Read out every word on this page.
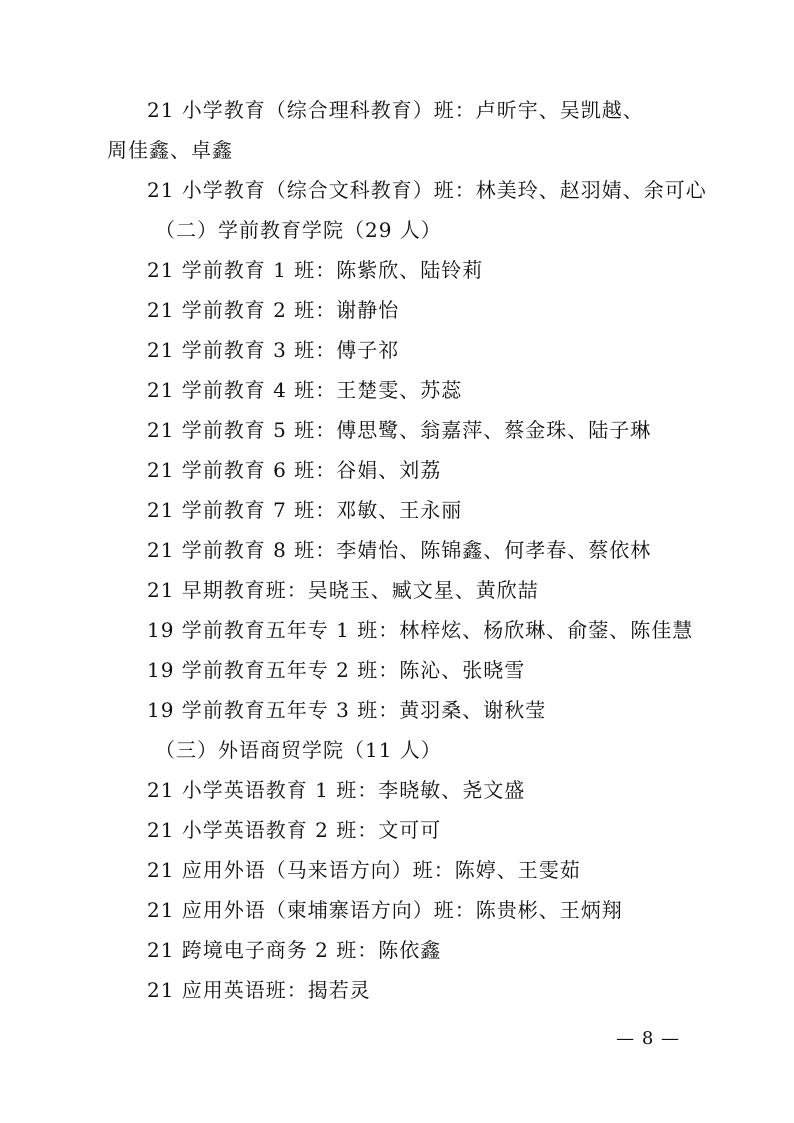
21 小学教育（综合理科教育）班：卢昕宇、吴凯越、
周佳鑫、卓鑫
21 小学教育（综合文科教育）班：林美玲、赵羽婧、余可心
（二）学前教育学院（29 人）
21 学前教育 1 班：陈紫欣、陆铃莉
21 学前教育 2 班：谢静怡
21 学前教育 3 班：傅子祁
21 学前教育 4 班：王楚雯、苏蕊
21 学前教育 5 班：傅思鹭、翁嘉萍、蔡金珠、陆子琳
21 学前教育 6 班：谷娟、刘荔
21 学前教育 7 班：邓敏、王永丽
21 学前教育 8 班：李婧怡、陈锦鑫、何孝春、蔡依林
21 早期教育班：吴晓玉、臧文星、黄欣喆
19 学前教育五年专 1 班：林梓炫、杨欣琳、俞蓥、陈佳慧
19 学前教育五年专 2 班：陈沁、张晓雪
19 学前教育五年专 3 班：黄羽桑、谢秋莹
（三）外语商贸学院（11 人）
21 小学英语教育 1 班：李晓敏、尧文盛
21 小学英语教育 2 班：文可可
21 应用外语（马来语方向）班：陈婷、王雯茹
21 应用外语（柬埔寨语方向）班：陈贵彬、王炳翔
21 跨境电子商务 2 班：陈依鑫
21 应用英语班：揭若灵
— 8 —
